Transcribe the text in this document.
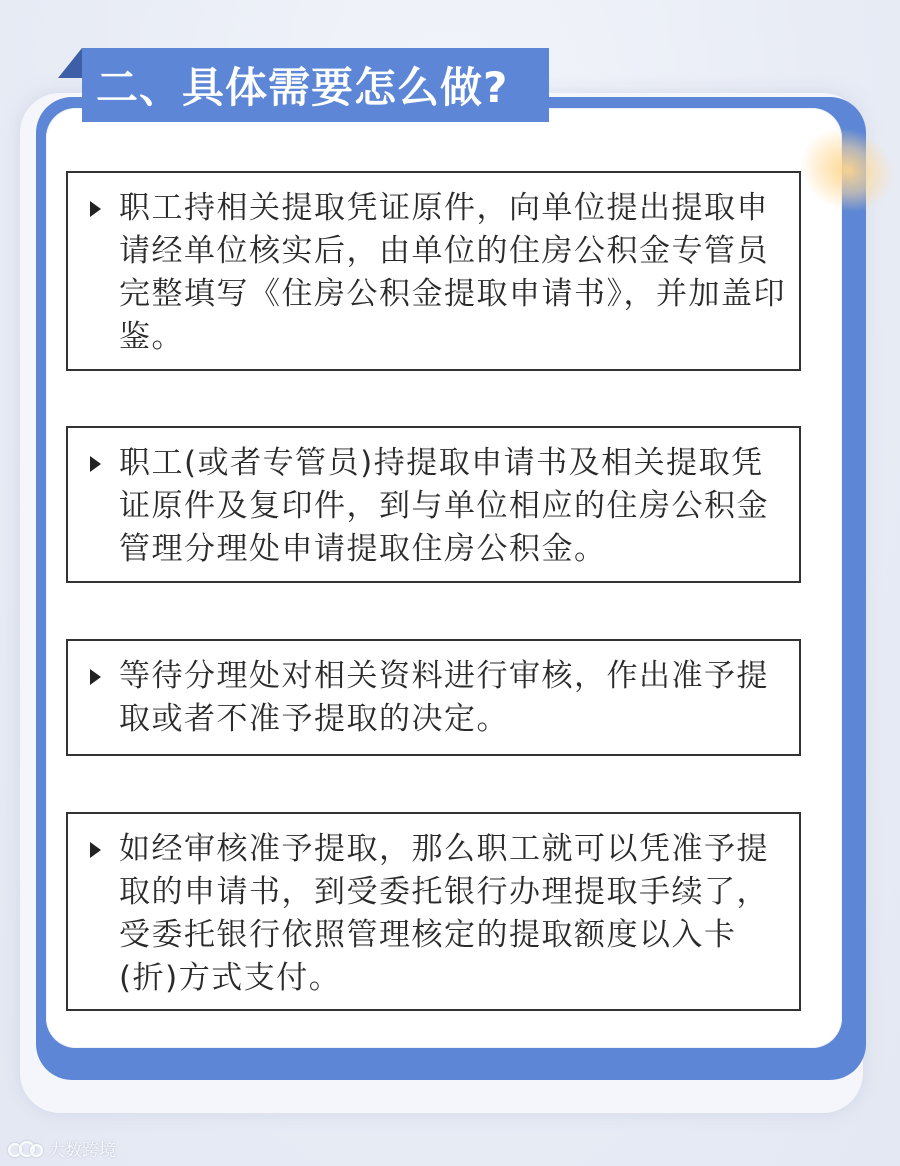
二、具体需要怎么做?
职工持相关提取凭证原件，向单位提出提取申请经单位核实后，由单位的住房公积金专管员完整填写《住房公积金提取申请书》，并加盖印鉴。
职工(或者专管员)持提取申请书及相关提取凭证原件及复印件，到与单位相应的住房公积金管理分理处申请提取住房公积金。
等待分理处对相关资料进行审核，作出准予提取或者不准予提取的决定。
如经审核准予提取，那么职工就可以凭准予提取的申请书，到受委托银行办理提取手续了，受委托银行依照管理核定的提取额度以入卡(折)方式支付。
大数跨境
